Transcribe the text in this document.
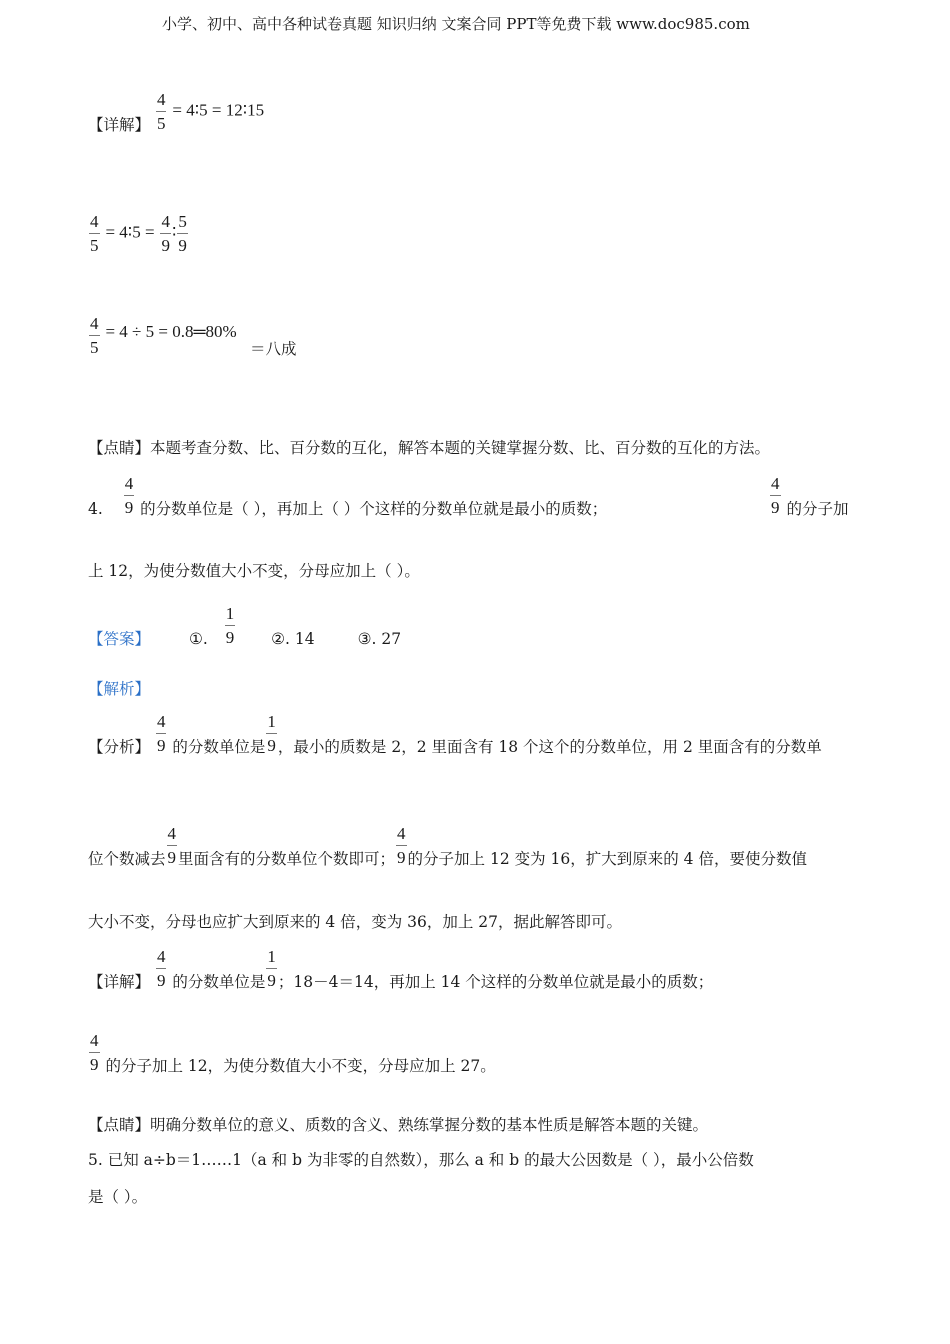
小学、初中、高中各种试卷真题 知识归纳 文案合同 PPT等免费下载 www.doc985.com
【详解】 $\frac{4}{5}$ = 4∶5 = 12∶15
$\frac{4}{5}$ = 4∶5 = $\frac{4}{9}$ ∶ $\frac{5}{9}$
$\frac{4}{5} = 4 \div 5$ = 0.8═80%
＝八成
【点睛】本题考查分数、比、百分数的互化，解答本题的关键掌握分数、比、百分数的互化的方法。
4. $\frac{4}{9}$ 的分数单位是（ ），再加上（ ）个这样的分数单位就是最小的质数；	$\frac{4}{9}$ 的分子加
上 12，为使分数值大小不变，分母应加上（ ）。
【答案】	①. $\frac{1}{9}$ ②. 14	③. 27
【解析】
【分析】 $\frac{4}{9}$ 的分数单位是 $\frac{1}{9}$ ，最小的质数是 2，2 里面含有 18 个这个的分数单位，用 2 里面含有的分数单
位个数减去 $\frac{4}{9}$ 里面含有的分数单位个数即可； $\frac{4}{9}$ 的分子加上 12 变为 16，扩大到原来的 4 倍，要使分数值
大小不变，分母也应扩大到原来的 4 倍，变为 36，加上 27，据此解答即可。
【详解】 $\frac{4}{9}$ 的分数单位是 $\frac{1}{9}$ ；18－4＝14，再加上 14 个这样的分数单位就是最小的质数；
$\frac{4}{9}$ 的分子加上 12，为使分数值大小不变，分母应加上 27。
【点睛】明确分数单位的意义、质数的含义、熟练掌握分数的基本性质是解答本题的关键。
5. 已知 a÷b＝1……1（a 和 b 为非零的自然数），那么 a 和 b 的最大公因数是（ ），最小公倍数
是（ ）。
